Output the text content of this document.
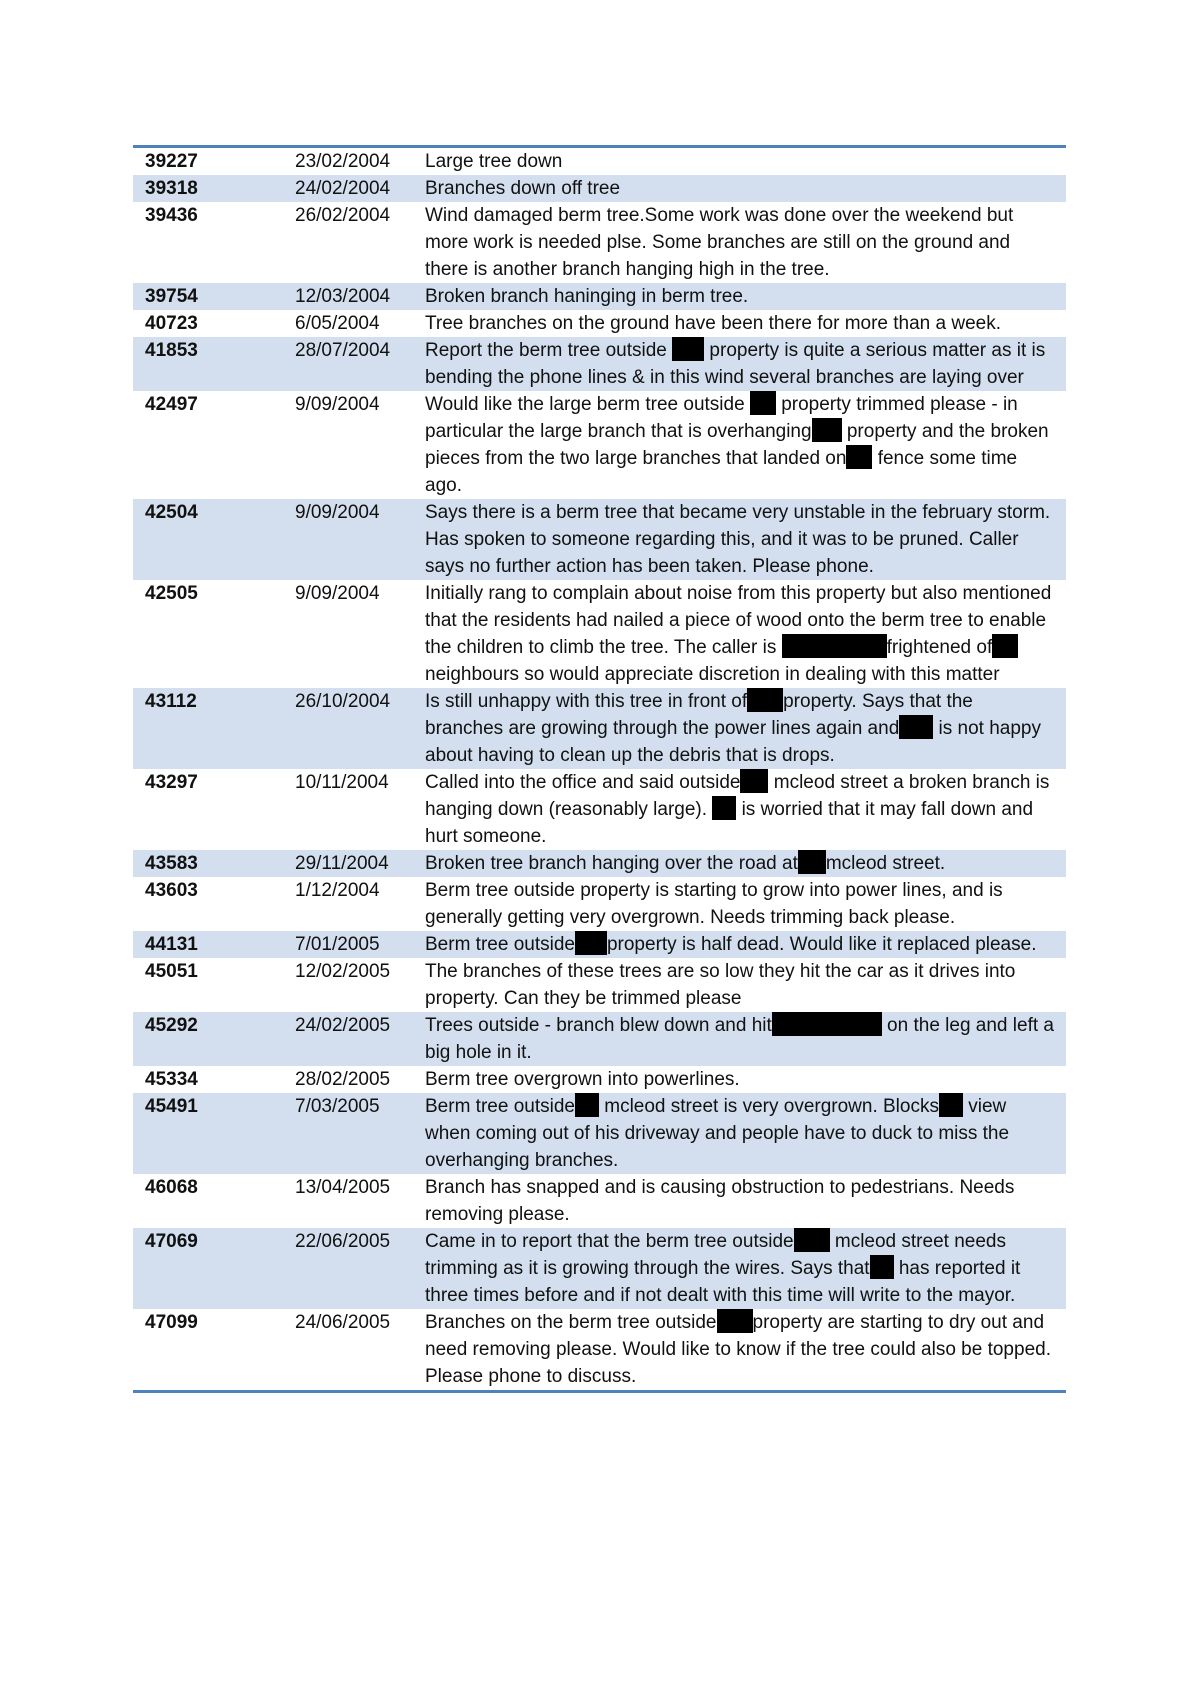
39227	23/02/2004	Large tree down
39318	24/02/2004	Branches down off tree
39436	26/02/2004	Wind damaged berm tree.Some work was done over the weekend but more work is needed plse. Some branches are still on the ground and there is another branch hanging high in the tree.
39754	12/03/2004	Broken branch haninging in berm tree.
40723	6/05/2004	Tree branches on the ground have been there for more than a week.
41853	28/07/2004	Report the berm tree outside  property is quite a serious matter as it is bending the phone lines & in this wind several branches are laying over
42497	9/09/2004	Would like the large berm tree outside  property trimmed please - in particular the large branch that is overhanging property and the broken pieces from the two large branches that landed on fence some time ago.
42504	9/09/2004	Says there is a berm tree that became very unstable in the february storm. Has spoken to someone regarding this, and it was to be pruned. Caller says no further action has been taken. Please phone.
42505	9/09/2004	Initially rang to complain about noise from this property but also mentioned that the residents had nailed a piece of wood onto the berm tree to enable the children to climb the tree. The caller is	frightened of neighbours so would appreciate discretion in dealing with this matter
43112	26/10/2004	Is still unhappy with this tree in front of property. Says that the branches are growing through the power lines again and is not happy about having to clean up the debris that is drops.
43297	10/11/2004	Called into the office and said outside mcleod street a broken branch is hanging down (reasonably large).  is worried that it may fall down and hurt someone.
43583	29/11/2004	Broken tree branch hanging over the road at mcleod street.
43603	1/12/2004	Berm tree outside property is starting to grow into power lines, and is generally getting very overgrown. Needs trimming back please.
44131	7/01/2005	Berm tree outside property is half dead. Would like it replaced please.
45051	12/02/2005	The branches of these trees are so low they hit the car as it drives into property. Can they be trimmed please
45292	24/02/2005	Trees outside - branch blew down and hit	on the leg and left a big hole in it.
45334	28/02/2005	Berm tree overgrown into powerlines.
45491	7/03/2005	Berm tree outside mcleod street is very overgrown. Blocks view when coming out of his driveway and people have to duck to miss the overhanging branches.
46068	13/04/2005	Branch has snapped and is causing obstruction to pedestrians. Needs removing please.
47069	22/06/2005	Came in to report that the berm tree outside mcleod street needs trimming as it is growing through the wires. Says that has reported it three times before and if not dealt with this time will write to the mayor.
47099	24/06/2005	Branches on the berm tree outside property are starting to dry out and need removing please. Would like to know if the tree could also be topped. Please phone to discuss.
